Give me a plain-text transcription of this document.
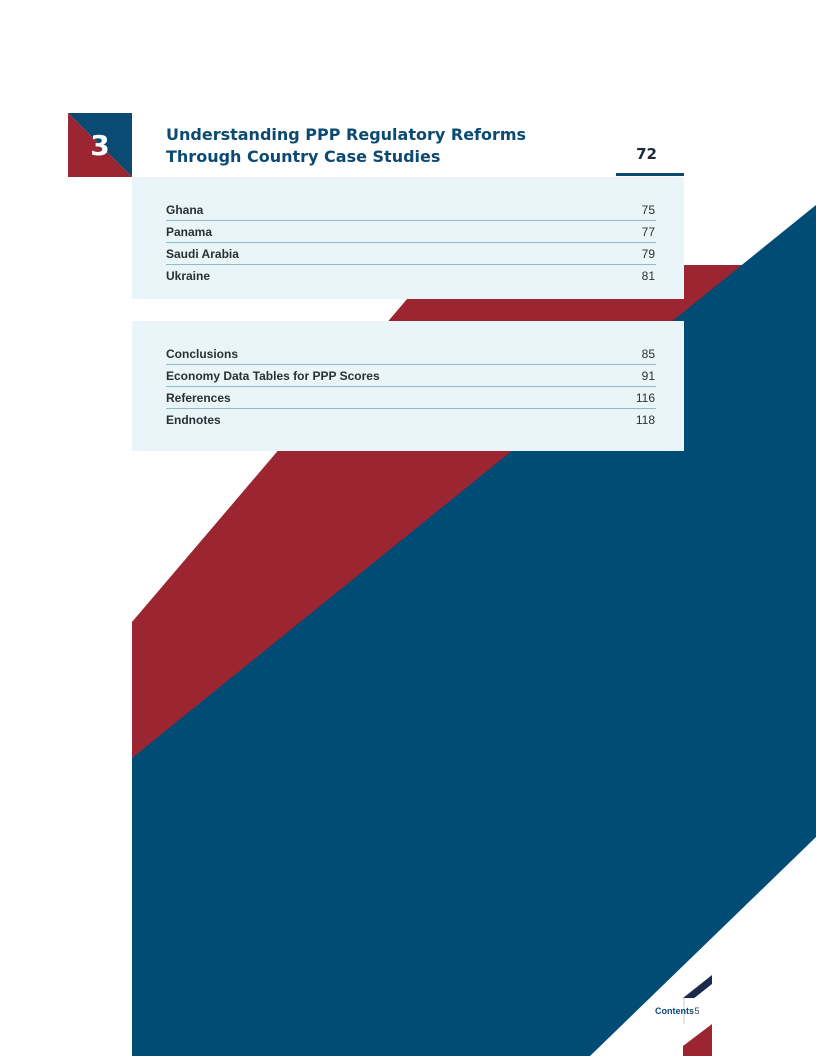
3	Understanding PPP Regulatory Reforms
Through Country Case Studies	72
Ghana	75
Panama	77
Saudi Arabia	79
Ukraine	81
Conclusions	85
Economy Data Tables for PPP Scores	91
References	116
Endnotes	118
Contents 5
